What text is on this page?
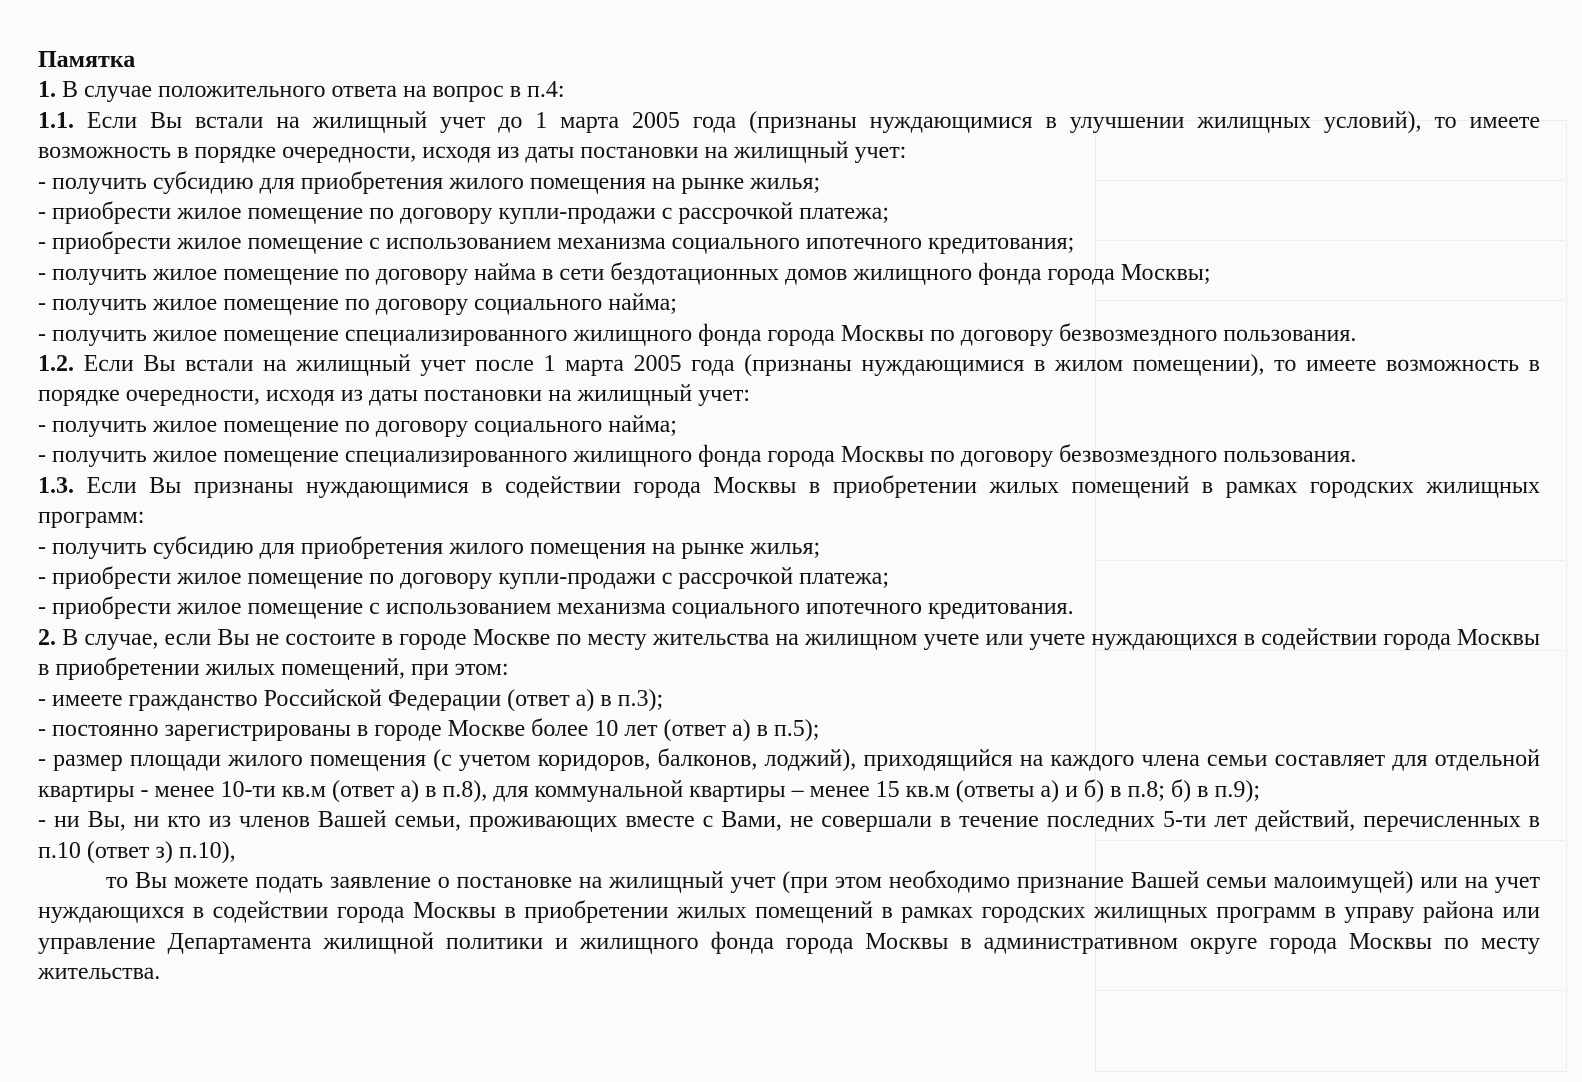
Памятка

1. В случае положительного ответа на вопрос в п.4:

1.1. Если Вы встали на жилищный учет до 1 марта 2005 года (признаны нуждающимися в улучшении жилищных условий), то имеете возможность в порядке очередности, исходя из даты постановки на жилищный учет:

- получить субсидию для приобретения жилого помещения на рынке жилья;

- приобрести жилое помещение по договору купли-продажи с рассрочкой платежа;

- приобрести жилое помещение с использованием механизма социального ипотечного кредитования;

- получить жилое помещение по договору найма в сети бездотационных домов жилищного фонда города Москвы;

- получить жилое помещение по договору социального найма;

- получить жилое помещение специализированного жилищного фонда города Москвы по договору безвозмездного пользования.

1.2. Если Вы встали на жилищный учет после 1 марта 2005 года (признаны нуждающимися в жилом помещении), то имеете возможность в порядке очередности, исходя из даты постановки на жилищный учет:

- получить жилое помещение по договору социального найма;

- получить жилое помещение специализированного жилищного фонда города Москвы по договору безвозмездного пользования.

1.3. Если Вы признаны нуждающимися в содействии города Москвы в приобретении жилых помещений в рамках городских жилищных программ:

- получить субсидию для приобретения жилого помещения на рынке жилья;

- приобрести жилое помещение по договору купли-продажи с рассрочкой платежа;

- приобрести жилое помещение с использованием механизма социального ипотечного кредитования.

2. В случае, если Вы не состоите в городе Москве по месту жительства на жилищном учете или учете нуждающихся в содействии города Москвы в приобретении жилых помещений, при этом:

- имеете гражданство Российской Федерации (ответ а) в п.3);

- постоянно зарегистрированы в городе Москве более 10 лет (ответ а) в п.5);

- размер площади жилого помещения (с учетом коридоров, балконов, лоджий), приходящийся на каждого члена семьи составляет для отдельной квартиры - менее 10-ти кв.м (ответ а) в п.8), для коммунальной квартиры – менее 15 кв.м (ответы а) и б) в п.8; б) в п.9);

- ни Вы, ни кто из членов Вашей семьи, проживающих вместе с Вами, не совершали в течение последних 5-ти лет действий, перечисленных в п.10 (ответ з) п.10),

то Вы можете подать заявление о постановке на жилищный учет (при этом необходимо признание Вашей семьи малоимущей) или на учет нуждающихся в содействии города Москвы в приобретении жилых помещений в рамках городских жилищных программ в управу района или управление Департамента жилищной политики и жилищного фонда города Москвы в административном округе города Москвы по месту жительства.
